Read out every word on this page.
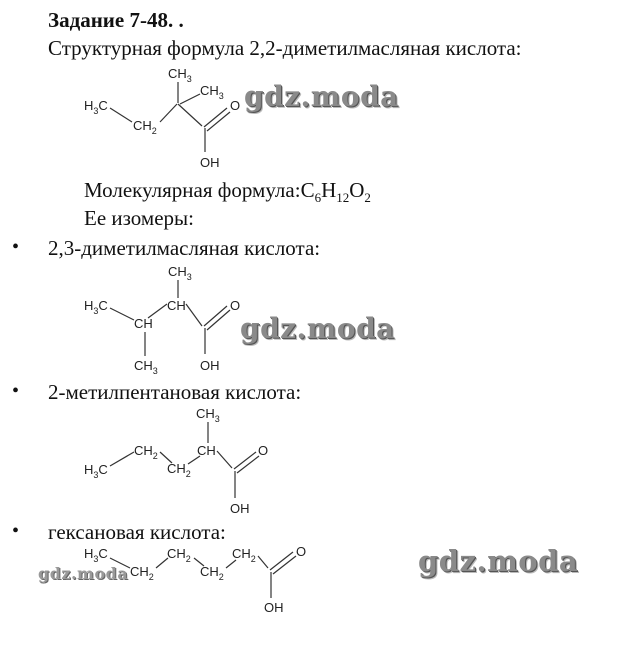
Задание 7-48. .
Структурная формула 2,2-диметилмасляная кислота:
$CH_3$
$CH_3$
$H_3C$
$CH_2$
O
OH
gdz.moda
Молекулярная $формула:C_6H_{12}O_2$
Ее изомеры:
• 2,3-диметилмасляная кислота:
$CH_3$
$H_3C$	CH
CH
O
$CH_3$	OH
gdz.moda
• 2-метилпентановая кислота:
$CH_3$
$H_3C$
$CH_2$
$CH_2$
CH	O
OH
• гексановая кислота:
$H_3C$
$CH_2$
$CH_2$
$CH_2$
$CH_2$	O
OH
gdz.moda	gdz.moda
